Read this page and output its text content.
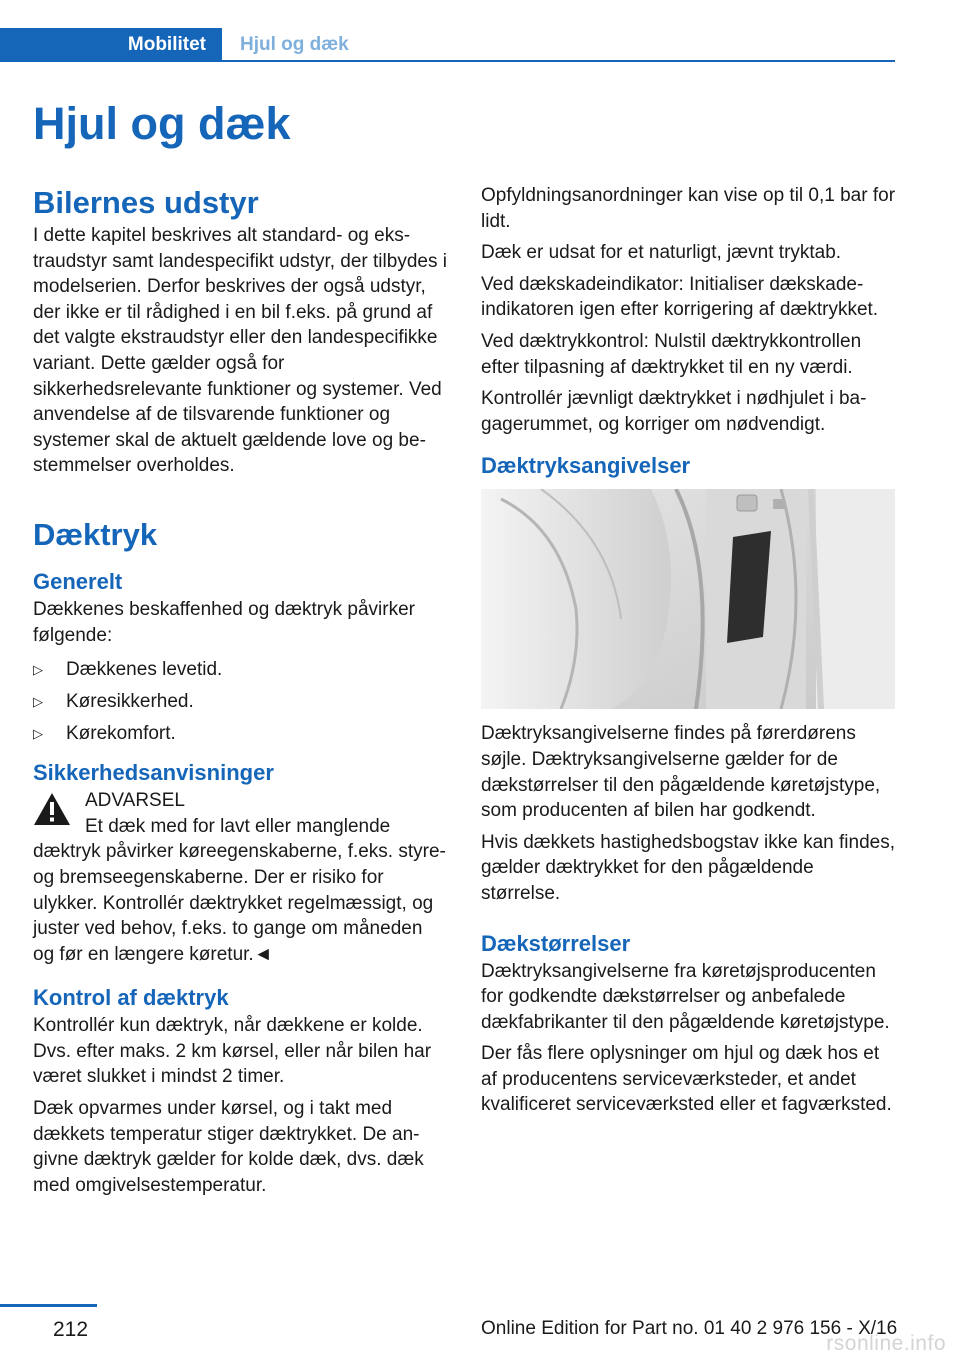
Mobilitet	Hjul og dæk
Hjul og dæk
Bilernes udstyr

I dette kapitel beskrives alt standard- og ekstraudstyr samt landespecifikt udstyr, der tilbydes i modelserien. Derfor beskrives der også udstyr, der ikke er til rådighed i en bil f.eks. på grund af det valgte ekstraudstyr eller den landespecifikke variant. Dette gælder også for sikkerhedsrelevante funktioner og systemer. Ved anvendelse af de tilsvarende funktioner og systemer skal de aktuelt gældende love og bestemmelser overholdes.

Dæktryk
Generelt

Dækkenes beskaffenhed og dæktryk påvirker følgende:

▷ Dækkenes levetid.
▷ Køresikkerhed.
▷ Kørekomfort.
Sikkerhedsanvisninger
ADVARSEL
Et dæk med for lavt eller manglende

dæktryk påvirker køreegenskaberne, f.eks. styre- og bremseegenskaberne. Der er risiko for ulykker. Kontrollér dæktrykket regelmæssigt, og juster ved behov, f.eks. to gange om måneden og før en længere køretur.◄

Kontrol af dæktryk

Kontrollér kun dæktryk, når dækkene er kolde. Dvs. efter maks. 2 km kørsel, eller når bilen har været slukket i mindst 2 timer.

Dæk opvarmes under kørsel, og i takt med dækkets temperatur stiger dæktrykket. De angivne dæktryk gælder for kolde dæk, dvs. dæk med omgivelsestemperatur.

Opfyldningsanordninger kan vise op til 0,1 bar for lidt.

Dæk er udsat for et naturligt, jævnt tryktab.

Ved dækskadeindikator: Initialiser dækskadeindikatoren igen efter korrigering af dæktrykket.

Ved dæktrykkontrol: Nulstil dæktrykkontrollen efter tilpasning af dæktrykket til en ny værdi.

Kontrollér jævnligt dæktrykket i nødhjulet i bagagerummet, og korriger om nødvendigt.

Dæktryksangivelser

Dæktryksangivelserne findes på førerdørens søjle. Dæktryksangivelserne gælder for de dækstørrelser til den pågældende køretøjstype, som producenten af bilen har godkendt.

Hvis dækkets hastighedsbogstav ikke kan findes, gælder dæktrykket for den pågældende størrelse.

Dækstørrelser

Dæktryksangivelserne fra køretøjsproducenten for godkendte dækstørrelser og anbefalede dækfabrikanter til den pågældende køretøjstype.

Der fås flere oplysninger om hjul og dæk hos et af producentens serviceværksteder, et andet kvalificeret serviceværksted eller et fagværksted.

212	Online Edition for Part no. 01 40 2 976 156 - X/16
rsonline.info
